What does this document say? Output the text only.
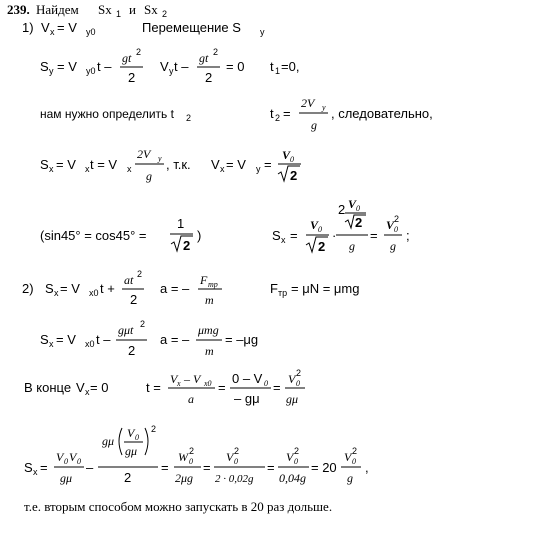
239. Найдем Sx 1 и Sx 2
1) V x = V y0	Перемещение S y
S y = V y0 t –
gt 2
2
V y t –
gt 2
2
= 0 t 1 =0,
нам нужно определить t 2	t 2 =
2V y
g
, следовательно,
S x = V x t = V x
2V y
g
, т.к. V x = V y =
V 0
2
(sin45° = cos45° =
1
2
)	S x =
V 0
2
·
2 V 0
2
g
=
V 0
2
g
;
2) S x = V x0 t +
at 2
2
a = –
F тр
m
F тр = μN = μmg
S x = V x0 t –
gμt 2
2
a = –
μmg
m
= –μg
В конце V x = 0	t =
V x – V x0
a
=
0 – V 0
– gμ
=
V 0
2
gμ
S x =
V 0 V 0
gμ
–
gμ
V 0
gμ
2
2
=
W 0
2
2μg
=
V 0
2
2 · 0,02g
=
V 0
2
0,04g
= 20
V 0
2
g
,
т.е. вторым способом можно запускать в 20 раз дольше.
